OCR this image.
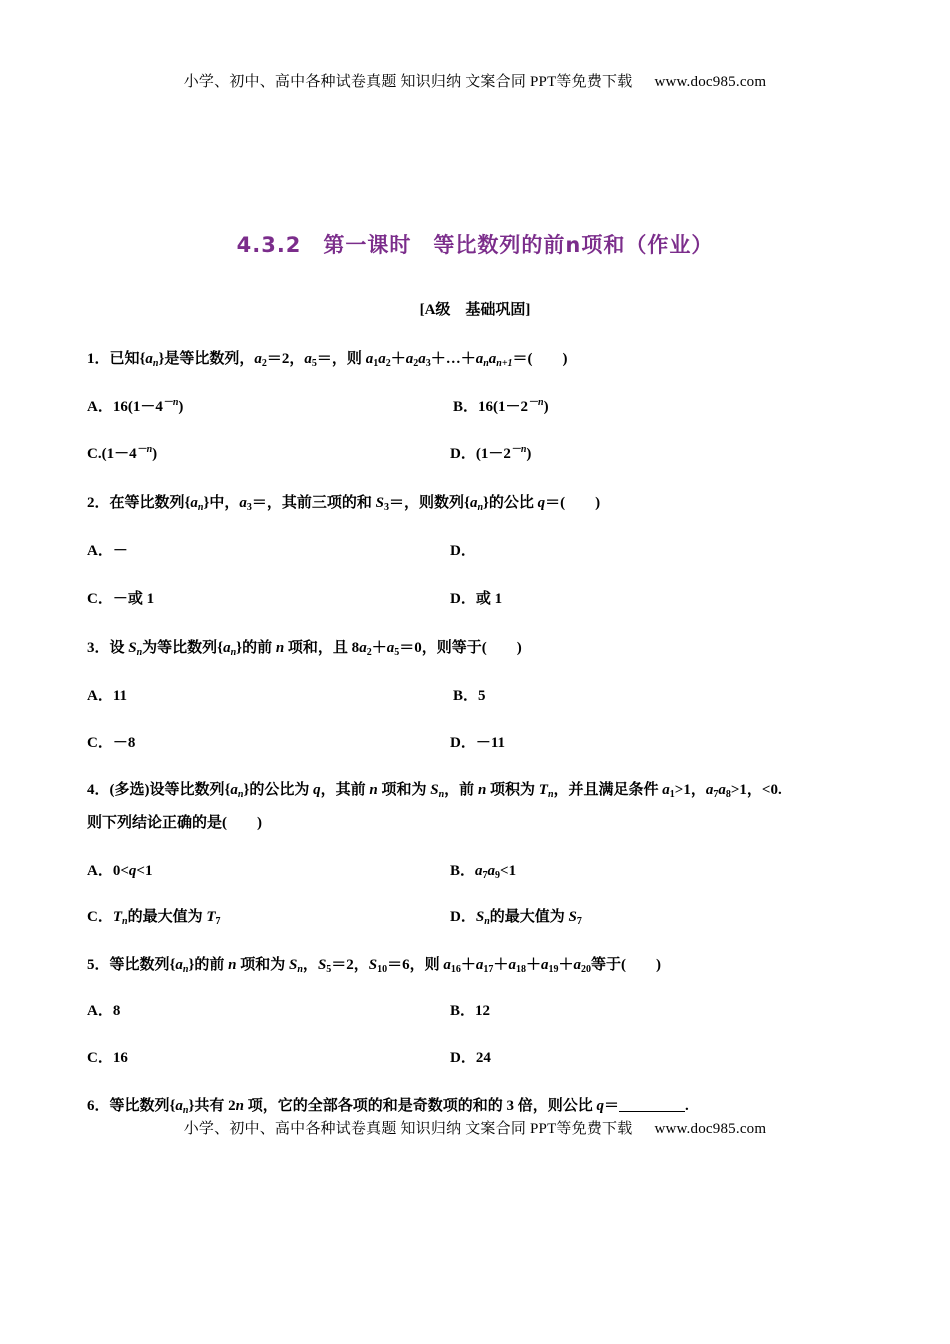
小学、初中、高中各种试卷真题 知识归纳 文案合同 PPT等免费下载 www.doc985.com
4.3.2　第一课时　等比数列的前n项和（作业）
[A级　基础巩固]
1．已知$\{a_n\}$是等比数列，$a_2=2$，$a_5=$，则 $a_1a_2+a_2a_3+\dots+a_na_{n+1}=$(　　)
A．$16(1-4^{-n})$	B．$16(1-2^{-n})$
$C.(1-4^{-n})$	D．$(1-2^{-n})$
2．在等比数列$\{a_n\}$中，$a_3=$，其前三项的和 $S_3=$，则数列$\{a_n\}$的公比 q＝(　　)
A．－	D．
C．－或 1	D．或 1
3．设 $S_n$为等比数列$\{a_n\}$的前 n 项和，且 $8a_2+a_5=0$，则等于(　　)
A．11	B．5
C．－8	D．－11
4．(多选)设等比数列$\{a_n\}$的公比为 q，其前 n 项和为 $S_n$，前 n 项积为 $T_n$，并且满足条件 $a_1>1$，$a_7a_8>1$，<0.
则下列结论正确的是(　　)
A．0<q<1	B．$a_7a_9<1$
C．$T_n$的最大值为 $T_7$	D．$S_n$的最大值为 $S_7$
5．等比数列$\{a_n\}$的前 n 项和为 $S_n$，$S_5=2$，$S_{10}=6$，则 $a_{16}+a_{17}+a_{18}+a_{19}+a_{20}$等于(　　)
A．8	B．12
C．16	D．24
6．等比数列$\{a_n\}$共有 2n 项，它的全部各项的和是奇数项的和的 3 倍，则公比 q＝	.
小学、初中、高中各种试卷真题 知识归纳 文案合同 PPT等免费下载 www.doc985.com
